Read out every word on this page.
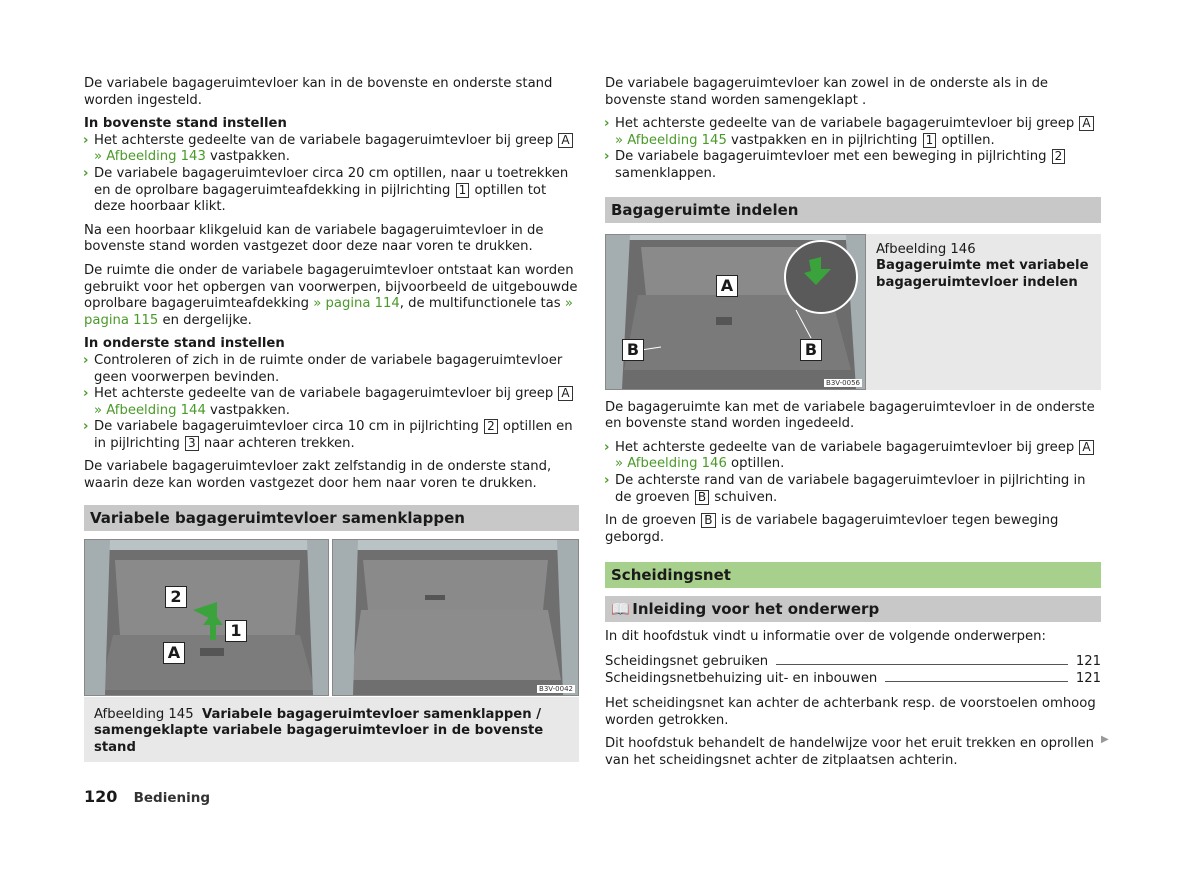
De variabele bagageruimtevloer kan in de bovenste en onderste stand worden ingesteld.

In bovenste stand instellen
› Het achterste gedeelte van de variabele bagageruimtevloer bij greep A » Afbeelding 143 vastpakken.
› De variabele bagageruimtevloer circa 20 cm optillen, naar u toetrekken en de oprolbare bagageruimteafdekking in pijlrichting 1 optillen tot deze hoorbaar klikt.

Na een hoorbaar klikgeluid kan de variabele bagageruimtevloer in de bovenste stand worden vastgezet door deze naar voren te drukken.

De ruimte die onder de variabele bagageruimtevloer ontstaat kan worden gebruikt voor het opbergen van voorwerpen, bijvoorbeeld de uitgebouwde oprolbare bagageruimteafdekking » pagina 114, de multifunctionele tas » pagina 115 en dergelijke.

In onderste stand instellen
› Controleren of zich in de ruimte onder de variabele bagageruimtevloer geen voorwerpen bevinden.
› Het achterste gedeelte van de variabele bagageruimtevloer bij greep A » Afbeelding 144 vastpakken.
› De variabele bagageruimtevloer circa 10 cm in pijlrichting 2 optillen en in pijlrichting 3 naar achteren trekken.

De variabele bagageruimtevloer zakt zelfstandig in de onderste stand, waarin deze kan worden vastgezet door hem naar voren te drukken.

Variabele bagageruimtevloer samenklappen
2
1
A
B3V-0042
Afbeelding 145 Variabele bagageruimtevloer samenklappen / samengeklapte variabele bagageruimtevloer in de bovenste stand

De variabele bagageruimtevloer kan zowel in de onderste als in de bovenste stand worden samengeklapt .

› Het achterste gedeelte van de variabele bagageruimtevloer bij greep A » Afbeelding 145 vastpakken en in pijlrichting 1 optillen.
› De variabele bagageruimtevloer met een beweging in pijlrichting 2 samenklappen.
Bagageruimte indelen
A
B	B
B3V-0056
Afbeelding 146
Bagageruimte met variabele bagageruimtevloer indelen

De bagageruimte kan met de variabele bagageruimtevloer in de onderste en bovenste stand worden ingedeeld.

› Het achterste gedeelte van de variabele bagageruimtevloer bij greep A » Afbeelding 146 optillen.
› De achterste rand van de variabele bagageruimtevloer in pijlrichting in de groeven B schuiven.

In de groeven B is de variabele bagageruimtevloer tegen beweging geborgd.

Scheidingsnet
📖 Inleiding voor het onderwerp

In dit hoofdstuk vindt u informatie over de volgende onderwerpen:

Scheidingsnet gebruiken	121
Scheidingsnetbehuizing uit- en inbouwen	121

Het scheidingsnet kan achter de achterbank resp. de voorstoelen omhoog worden getrokken.

Dit hoofdstuk behandelt de handelwijze voor het eruit trekken en oprollen van het scheidingsnet achter de zitplaatsen achterin.

▶
120 Bediening
